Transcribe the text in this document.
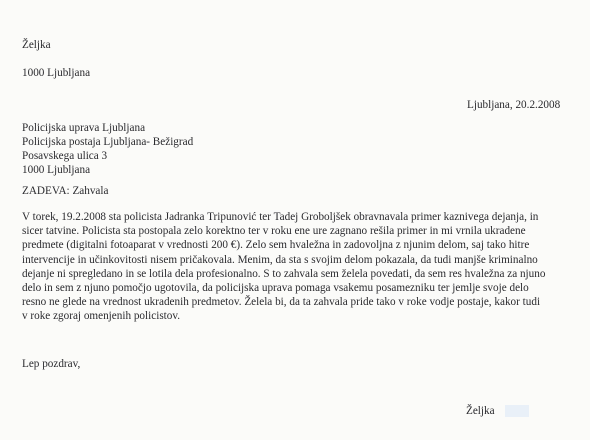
Željka
1000 Ljubljana
Ljubljana, 20.2.2008
Policijska uprava Ljubljana
Policijska postaja Ljubljana- Bežigrad
Posavskega ulica 3
1000 Ljubljana
ZADEVA: Zahvala
V torek, 19.2.2008 sta policista Jadranka Tripunović ter Tadej Groboljšek obravnavala primer kaznivega dejanja, in
sicer tatvine. Policista sta postopala zelo korektno ter v roku ene ure zagnano rešila primer in mi vrnila ukradene
predmete (digitalni fotoaparat v vrednosti 200 €). Zelo sem hvaležna in zadovoljna z njunim delom, saj tako hitre
intervencije in učinkovitosti nisem pričakovala. Menim, da sta s svojim delom pokazala, da tudi manjše kriminalno
dejanje ni spregledano in se lotila dela profesionalno. S to zahvala sem želela povedati, da sem res hvaležna za njuno
delo in sem z njuno pomočjo ugotovila, da policijska uprava pomaga vsakemu posamezniku ter jemlje svoje delo
resno ne glede na vrednost ukradenih predmetov. Želela bi, da ta zahvala pride tako v roke vodje postaje, kakor tudi
v roke zgoraj omenjenih policistov.
Lep pozdrav,
Željka
